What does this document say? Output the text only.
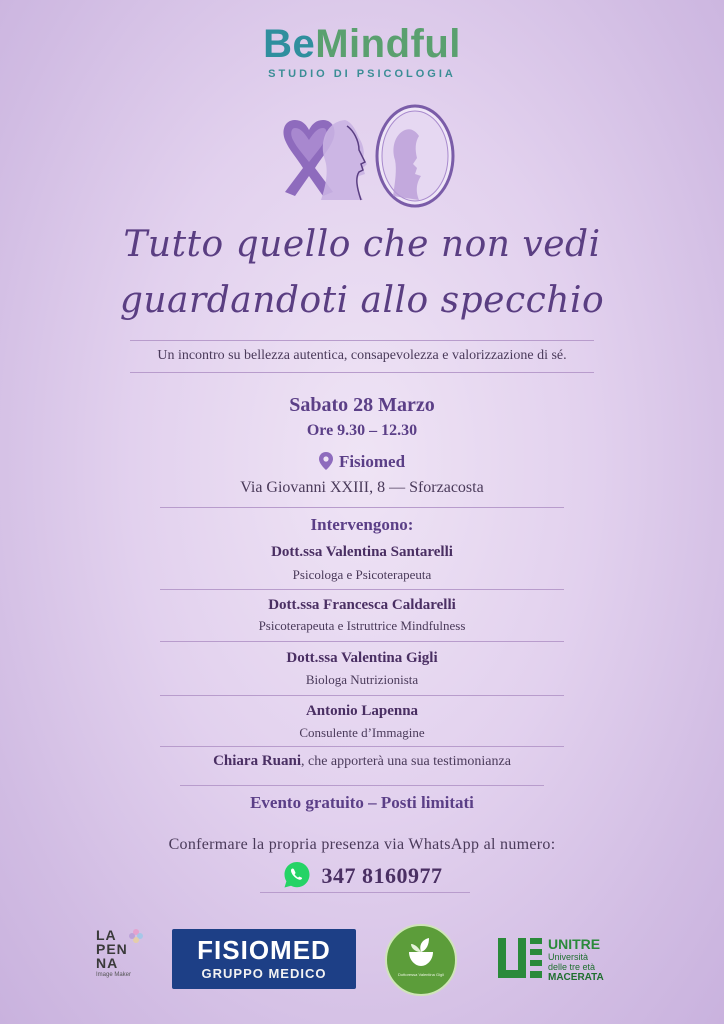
BeMindful
STUDIO DI PSICOLOGIA
Tutto quello che non vedi
guardandoti allo specchio
Un incontro su bellezza autentica, consapevolezza e valorizzazione di sé.
Sabato 28 Marzo
Ore 9.30 – 12.30
Fisiomed
Via Giovanni XXIII, 8 — Sforzacosta
Intervengono:
Dott.ssa Valentina Santarelli
Psicologa e Psicoterapeuta
Dott.ssa Francesca Caldarelli
Psicoterapeuta e Istruttrice Mindfulness
Dott.ssa Valentina Gigli
Biologa Nutrizionista
Antonio Lapenna
Consulente d’Immagine
Chiara Ruani, che apporterà una sua testimonianza
Evento gratuito – Posti limitati
Confermare la propria presenza via WhatsApp al numero:
347 8160977
LA
PEN
NA
Image Maker
FISIOMED
GRUPPO MEDICO	Dottoressa Valentina Gigli
UNITRE
Università
delle tre età
MACERATA
